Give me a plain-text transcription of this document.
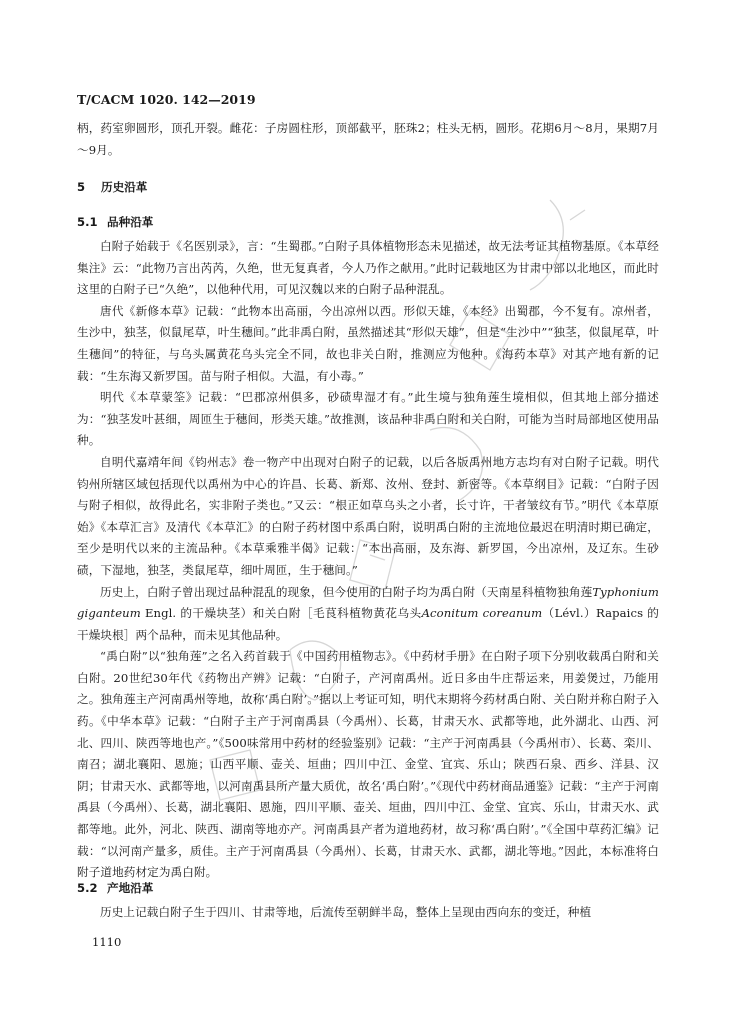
T/CACM 1020. 142—2019

柄，药室卵圆形，顶孔开裂。雌花：子房圆柱形，顶部截平，胚珠2；柱头无柄，圆形。花期6月～8月，果期7月～9月。

5 历史沿革
5.1 品种沿革

白附子始载于《名医别录》，言：“生蜀郡。”白附子具体植物形态未见描述，故无法考证其植物基原。《本草经集注》云：“此物乃言出芮芮，久绝，世无复真者，今人乃作之献用。”此时记载地区为甘肃中部以北地区，而此时这里的白附子已“久绝”，以他种代用，可见汉魏以来的白附子品种混乱。

唐代《新修本草》记载：“此物本出高丽，今出凉州以西。形似天雄，《本经》出蜀郡，今不复有。凉州者，生沙中，独茎，似鼠尾草，叶生穗间。”此非禹白附，虽然描述其“形似天雄”，但是“生沙中”“独茎，似鼠尾草，叶生穗间”的特征，与乌头属黄花乌头完全不同，故也非关白附，推测应为他种。《海药本草》对其产地有新的记载：“生东海又新罗国。苗与附子相似。大温，有小毒。”

明代《本草蒙筌》记载：“巴郡凉州俱多，砂碛卑湿才有。”此生境与独角莲生境相似，但其地上部分描述为：“独茎发叶甚细，周匝生于穗间，形类天雄。”故推测，该品种非禹白附和关白附，可能为当时局部地区使用品种。

自明代嘉靖年间《钧州志》卷一物产中出现对白附子的记载，以后各版禹州地方志均有对白附子记载。明代钧州所辖区域包括现代以禹州为中心的许昌、长葛、新郑、汝州、登封、新密等。《本草纲目》记载：“白附子因与附子相似，故得此名，实非附子类也。”又云：“根正如草乌头之小者，长寸许，干者皱纹有节。”明代《本草原始》《本草汇言》及清代《本草汇》的白附子药材图中系禹白附，说明禹白附的主流地位最迟在明清时期已确定，至少是明代以来的主流品种。《本草乘雅半偈》记载：“本出高丽，及东海、新罗国，今出凉州，及辽东。生砂碛，下湿地，独茎，类鼠尾草，细叶周匝，生于穗间。”

历史上，白附子曾出现过品种混乱的现象，但今使用的白附子均为禹白附（天南星科植物独角莲Typhonium giganteum Engl. 的干燥块茎）和关白附［毛茛科植物黄花乌头Aconitum coreanum（Lévl.）Rapaics 的干燥块根］两个品种，而未见其他品种。

“禹白附”以“独角莲”之名入药首载于《中国药用植物志》。《中药材手册》在白附子项下分别收载禹白附和关白附。20世纪30年代《药物出产辨》记载：“白附子，产河南禹州。近日多由牛庄帮运来，用姜煲过，乃能用之。独角莲主产河南禹州等地，故称‘禹白附’。”据以上考证可知，明代末期将今药材禹白附、关白附并称白附子入药。《中华本草》记载：“白附子主产于河南禹县（今禹州）、长葛，甘肃天水、武都等地，此外湖北、山西、河北、四川、陕西等地也产。”《500味常用中药材的经验鉴别》记载：“主产于河南禹县（今禹州市）、长葛、栾川、南召；湖北襄阳、恩施；山西平顺、壶关、垣曲；四川中江、金堂、宜宾、乐山；陕西石泉、西乡、洋县、汉阴；甘肃天水、武都等地，以河南禹县所产量大质优，故名‘禹白附’。”《现代中药材商品通鉴》记载：“主产于河南禹县（今禹州）、长葛，湖北襄阳、恩施，四川平顺、壶关、垣曲，四川中江、金堂、宜宾、乐山，甘肃天水、武都等地。此外，河北、陕西、湖南等地亦产。河南禹县产者为道地药材，故习称‘禹白附’。”《全国中草药汇编》记载：“以河南产量多，质佳。主产于河南禹县（今禹州）、长葛，甘肃天水、武都，湖北等地。”因此，本标准将白附子道地药材定为禹白附。

5.2 产地沿革

历史上记载白附子生于四川、甘肃等地，后流传至朝鲜半岛，整体上呈现由西向东的变迁，种植

1110
